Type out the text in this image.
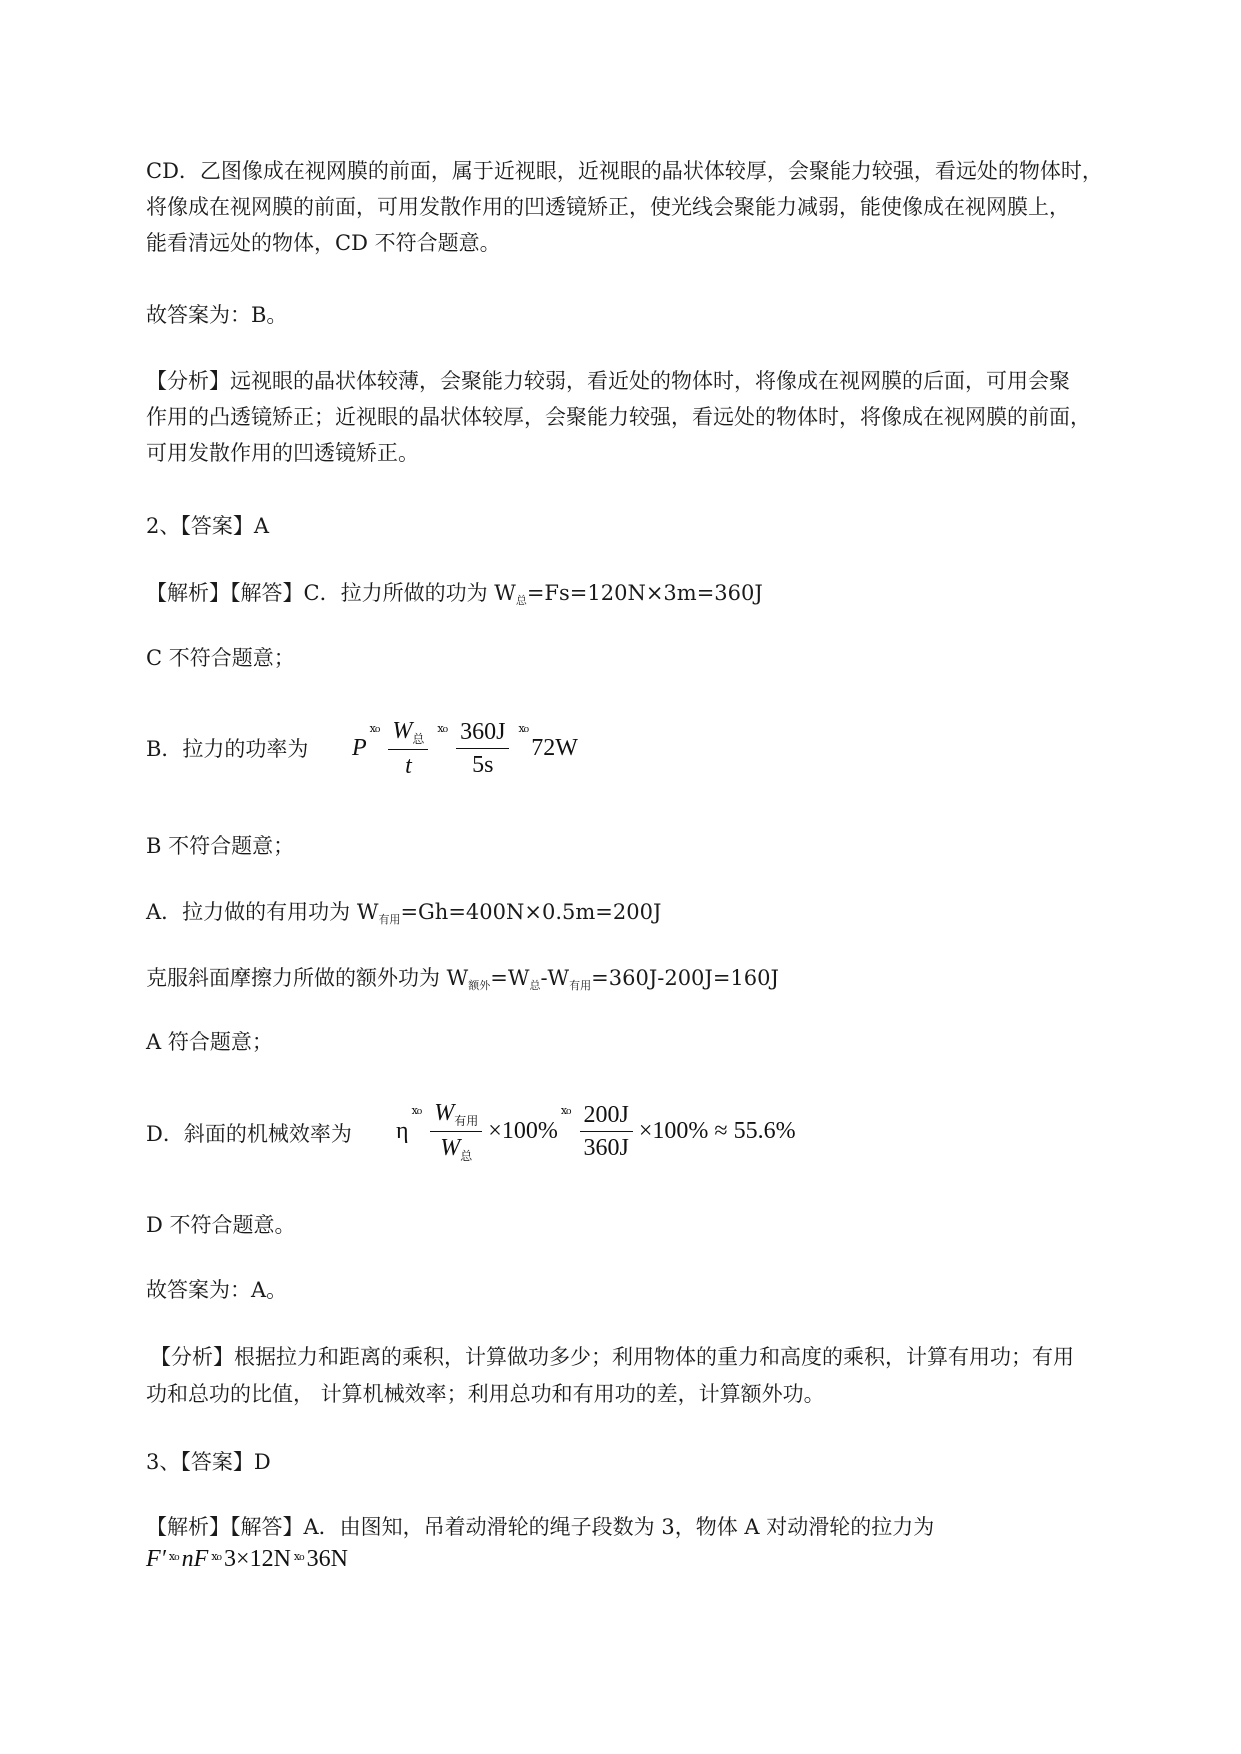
CD．乙图像成在视网膜的前面，属于近视眼，近视眼的晶状体较厚，会聚能力较强，看远处的物体时，

将像成在视网膜的前面，可用发散作用的凹透镜矫正，使光线会聚能力减弱，能使像成在视网膜上，

能看清远处的物体，CD 不符合题意。

故答案为：B。

【分析】远视眼的晶状体较薄，会聚能力较弱，看近处的物体时，将像成在视网膜的后面，可用会聚

作用的凸透镜矫正；近视眼的晶状体较厚，会聚能力较强，看远处的物体时，将像成在视网膜的前面，

可用发散作用的凹透镜矫正。

2、【答案】A

【解析】【解答】C．拉力所做的功为 $W_总=Fs=120N\times 3m=360J$

C 不符合题意；

B．拉力的功率为 P
ⅹo $\frac{W_总}{t}$ ⅹo $\frac{360J}{5s}$ ⅹo
72W

B 不符合题意；

A．拉力做的有用功为 $W_{有用}=Gh=400N\times 0.5m=200J$

克服斜面摩擦力所做的额外功为 $W_{额外}=W_总-W_{有用}=360J-200J=160J$

A 符合题意；

D．斜面的机械效率为 η
ⅹo $\frac{W_{有用}}{W_总} \times 100\%$
ⅹo $\frac{200J}{360J} \times 100\% \approx 55.6\%$

D 不符合题意。

故答案为：A。

【分析】根据拉力和距离的乘积，计算做功多少；利用物体的重力和高度的乘积，计算有用功；有用

功和总功的比值， 计算机械效率；利用总功和有用功的差，计算额外功。

3、【答案】D

【解析】【解答】A．由图知，吊着动滑轮的绳子段数为 3，物体 A 对动滑轮的拉力为

F′ ⅹo nF ⅹo 3×12N ⅹo 36N
